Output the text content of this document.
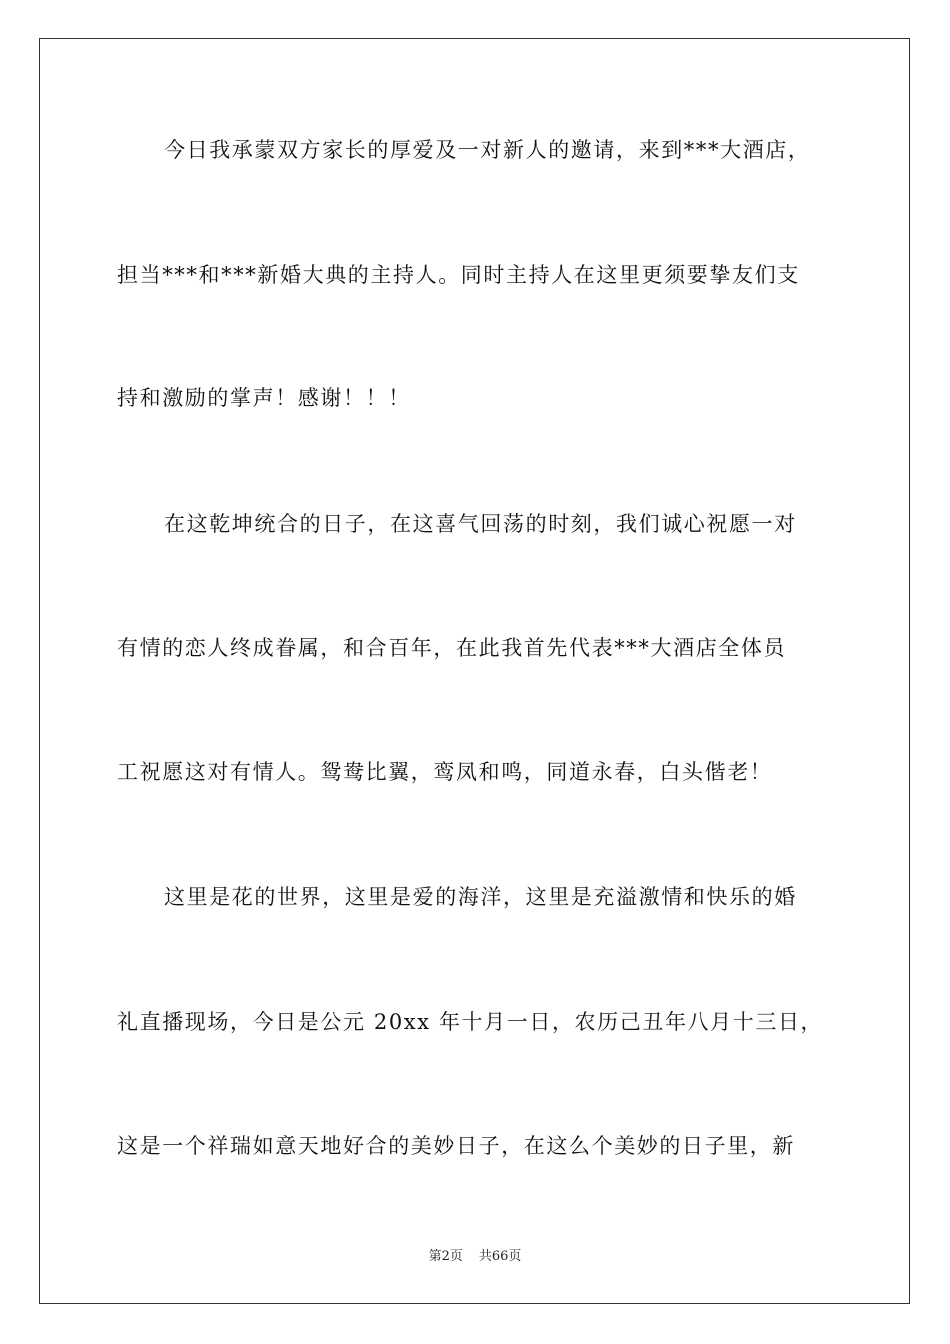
今日我承蒙双方家长的厚爱及一对新人的邀请，来到***大酒店，
担当***和***新婚大典的主持人。同时主持人在这里更须要挚友们支
持和激励的掌声！感谢！！！
在这乾坤统合的日子，在这喜气回荡的时刻，我们诚心祝愿一对
有情的恋人终成眷属，和合百年，在此我首先代表***大酒店全体员
工祝愿这对有情人。鸳鸯比翼，鸾凤和鸣，同道永春，白头偕老！
这里是花的世界，这里是爱的海洋，这里是充溢激情和快乐的婚
礼直播现场，今日是公元 20xx 年十月一日，农历己丑年八月十三日，
这是一个祥瑞如意天地好合的美妙日子，在这么个美妙的日子里，新
第2页 共66页
